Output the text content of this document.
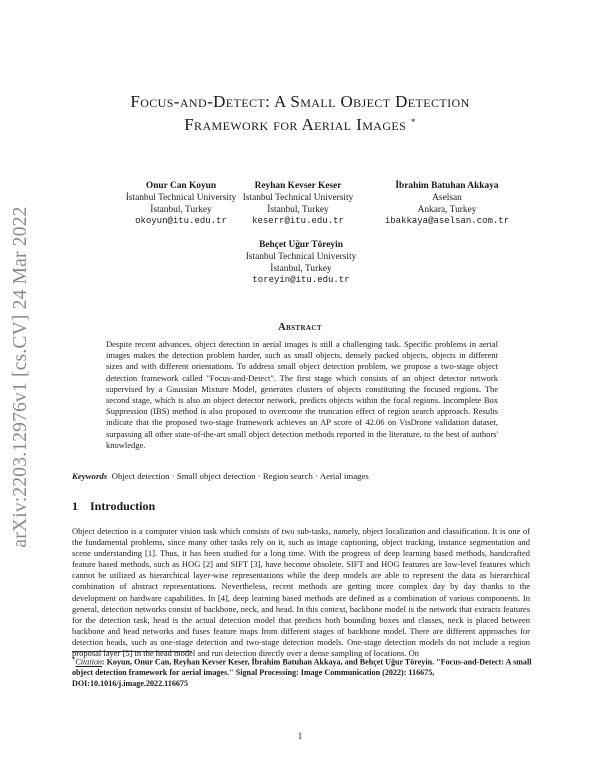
arXiv:2203.12976v1 [cs.CV] 24 Mar 2022
Focus-and-Detect: A Small Object Detection
Framework for Aerial Images *
Onur Can Koyun
İstanbul Technical University
İstanbul, Turkey
okoyun@itu.edu.tr
Reyhan Kevser Keser
Istanbul Technical University
İstanbul, Turkey
keserr@itu.edu.tr
İbrahim Batuhan Akkaya
Aselsan
Ankara, Turkey
ibakkaya@aselsan.com.tr
Behçet Uğur Töreyin
Istanbul Technical University
İstanbul, Turkey
toreyin@itu.edu.tr
Abstract
Despite recent advances, object detection in aerial images is still a challenging task. Specific problems in aerial images makes the detection problem harder, such as small objects, densely packed objects, objects in different sizes and with different orientations. To address small object detection problem, we propose a two-stage object detection framework called "Focus-and-Detect". The first stage which consists of an object detector network supervised by a Gaussian Mixture Model, generates clusters of objects constituting the focused regions. The second stage, which is also an object detector network, predicts objects within the focal regions. Incomplete Box Suppression (IBS) method is also proposed to overcome the truncation effect of region search approach. Results indicate that the proposed two-stage framework achieves an AP score of 42.06 on VisDrone validation dataset, surpassing all other state-of-the-art small object detection methods reported in the literature, to the best of authors' knowledge.
Keywords Object detection · Small object detection · Region search · Aerial images
1 Introduction
Object detection is a computer vision task which consists of two sub-tasks, namely, object localization and classification. It is one of the fundamental problems, since many other tasks rely on it, such as image captioning, object tracking, instance segmentation and scene understanding [1]. Thus, it has been studied for a long time. With the progress of deep learning based methods, handcrafted feature based methods, such as HOG [2] and SIFT [3], have become obsolete. SIFT and HOG features are low-level features which cannot be utilized as hierarchical layer-wise representations while the deep models are able to represent the data as hierarchical combination of abstract representations. Nevertheless, recent methods are getting more complex day by day thanks to the development on hardware capabilities. In [4], deep learning based methods are defined as a combination of various components. In general, detection networks consist of backbone, neck, and head. In this context, backbone model is the network that extracts features for the detection task, head is the actual detection model that predicts both bounding boxes and classes, neck is placed between backbone and head networks and fuses feature maps from different stages of backbone model. There are different approaches for detection heads, such as one-stage detection and two-stage detection models. One-stage detection models do not include a region proposal layer [5] in the head model and run detection directly over a dense sampling of locations. On
*Citation: Koyun, Onur Can, Reyhan Kevser Keser, İbrahim Batuhan Akkaya, and Behçet Uğur Töreyin. "Focus-and-Detect: A small object detection framework for aerial images." Signal Processing: Image Communication (2022): 116675, DOI:10.1016/j.image.2022.116675
1
